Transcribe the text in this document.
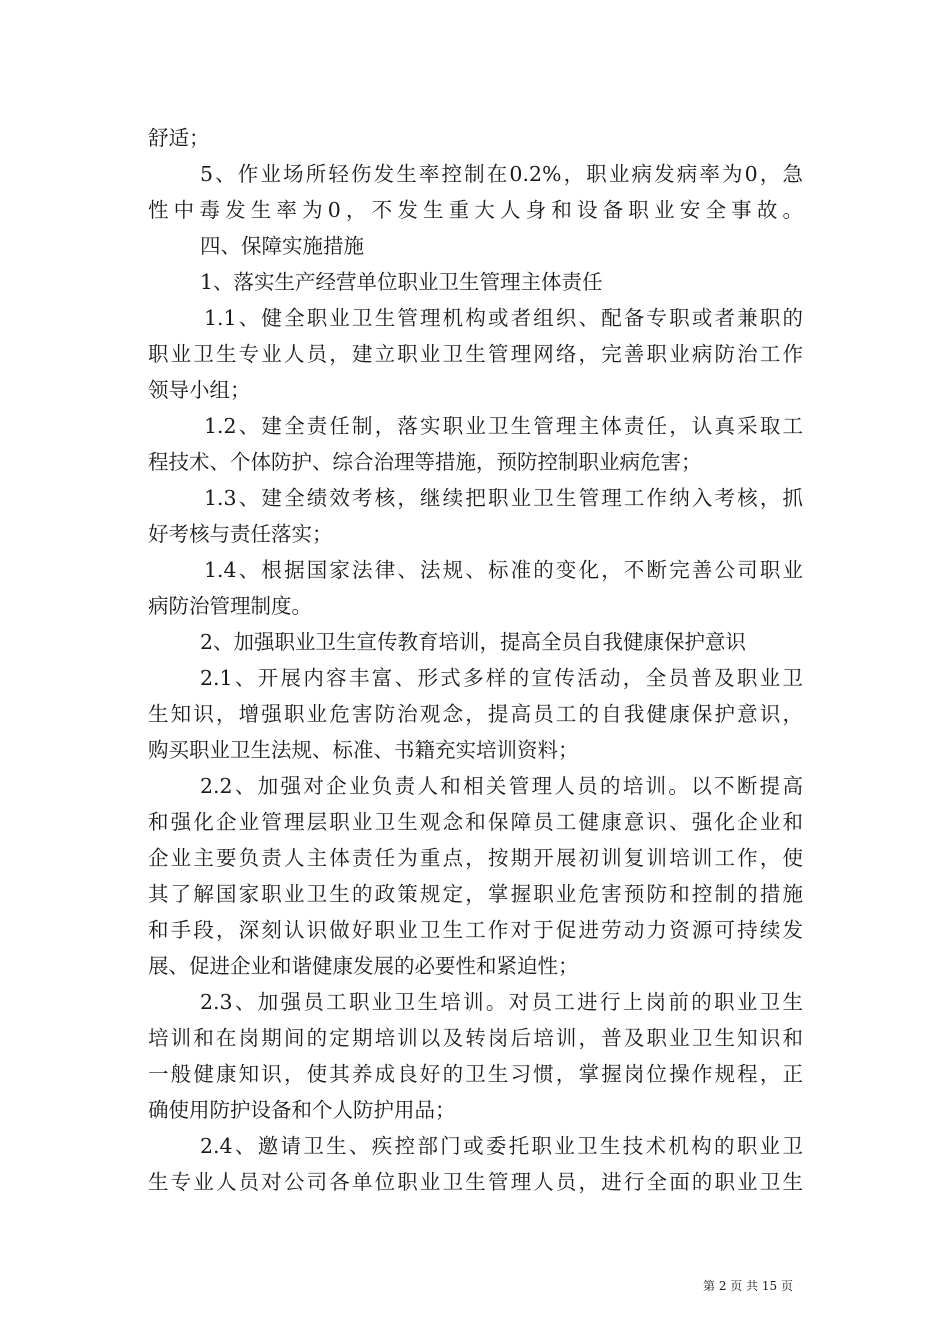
舒适；
5、作业场所轻伤发生率控制在0.2%，职业病发病率为0，急
性中毒发生率为0，不发生重大人身和设备职业安全事故。
四、保障实施措施
1、落实生产经营单位职业卫生管理主体责任
1.1、健全职业卫生管理机构或者组织、配备专职或者兼职的
职业卫生专业人员，建立职业卫生管理网络，完善职业病防治工作
领导小组；
1.2、建全责任制，落实职业卫生管理主体责任，认真采取工
程技术、个体防护、综合治理等措施，预防控制职业病危害；
1.3、建全绩效考核，继续把职业卫生管理工作纳入考核，抓
好考核与责任落实；
1.4、根据国家法律、法规、标准的变化，不断完善公司职业
病防治管理制度。
2、加强职业卫生宣传教育培训，提高全员自我健康保护意识
2.1、开展内容丰富、形式多样的宣传活动，全员普及职业卫
生知识，增强职业危害防治观念，提高员工的自我健康保护意识，
购买职业卫生法规、标准、书籍充实培训资料；
2.2、加强对企业负责人和相关管理人员的培训。以不断提高
和强化企业管理层职业卫生观念和保障员工健康意识、强化企业和
企业主要负责人主体责任为重点，按期开展初训复训培训工作，使
其了解国家职业卫生的政策规定，掌握职业危害预防和控制的措施
和手段，深刻认识做好职业卫生工作对于促进劳动力资源可持续发
展、促进企业和谐健康发展的必要性和紧迫性；
2.3、加强员工职业卫生培训。对员工进行上岗前的职业卫生
培训和在岗期间的定期培训以及转岗后培训，普及职业卫生知识和
一般健康知识，使其养成良好的卫生习惯，掌握岗位操作规程，正
确使用防护设备和个人防护用品；
2.4、邀请卫生、疾控部门或委托职业卫生技术机构的职业卫
生专业人员对公司各单位职业卫生管理人员，进行全面的职业卫生
第 2 页 共 15 页
